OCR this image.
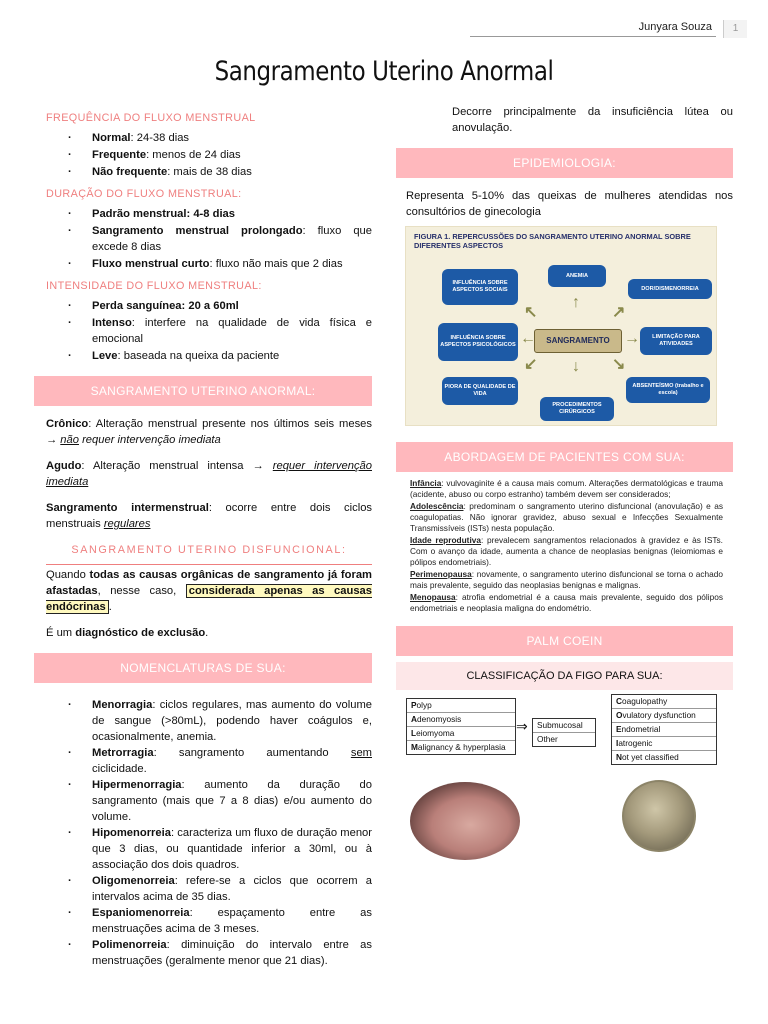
Junyara Souza	1
Sangramento Uterino Anormal
FREQUÊNCIA DO FLUXO MENSTRUAL
· Normal: 24-38 dias
· Frequente: menos de 24 dias
· Não frequente: mais de 38 dias
DURAÇÃO DO FLUXO MENSTRUAL:
· Padrão menstrual: 4-8 dias
· Sangramento menstrual prolongado: fluxo que excede 8 dias
· Fluxo menstrual curto: fluxo não mais que 2 dias
INTENSIDADE DO FLUXO MENSTRUAL:
· Perda sanguínea: 20 a 60ml
· Intenso: interfere na qualidade de vida física e emocional
· Leve: baseada na queixa da paciente
SANGRAMENTO UTERINO ANORMAL:

Crônico: Alteração menstrual presente nos últimos seis meses → não requer intervenção imediata

Agudo: Alteração menstrual intensa → requer intervenção imediata

Sangramento intermenstrual: ocorre entre dois ciclos menstruais regulares

SANGRAMENTO UTERINO DISFUNCIONAL:

Quando todas as causas orgânicas de sangramento já foram afastadas, nesse caso, considerada apenas as causas endócrinas .

É um diagnóstico de exclusão.

NOMENCLATURAS DE SUA:
· Menorragia: ciclos regulares, mas aumento do volume de sangue (>80mL), podendo haver coágulos e, ocasionalmente, anemia.
· Metrorragia: sangramento aumentando sem ciclicidade.
· Hipermenorragia: aumento da duração do sangramento (mais que 7 a 8 dias) e/ou aumento do volume.
· Hipomenorreia: caracteriza um fluxo de duração menor que 3 dias, ou quantidade inferior a 30ml, ou à associação dos dois quadros.
· Oligomenorreia: refere-se a ciclos que ocorrem a intervalos acima de 35 dias.
· Espaniomenorreia: espaçamento entre as menstruações acima de 3 meses.
· Polimenorreia: diminuição do intervalo entre as menstruações (geralmente menor que 21 dias).

Decorre principalmente da insuficiência lútea ou anovulação.

EPIDEMIOLOGIA:

Representa 5-10% das queixas de mulheres atendidas nos consultórios de ginecologia

FIGURA 1. REPERCUSSÕES DO SANGRAMENTO UTERINO ANORMAL SOBRE DIFERENTES ASPECTOS
INFLUÊNCIA SOBRE ASPECTOS SOCIAIS
ANEMIA
DOR/DISMENORREIA
INFLUÊNCIA SOBRE ASPECTOS PSICOLÓGICOS	SANGRAMENTO	LIMITAÇÃO PARA ATIVIDADES
PIORA DE QUALIDADE DE VIDA
PROCEDIMENTOS CIRÚRGICOS
ABSENTEÍSMO (trabalho e escola)
↑
↓
←	→
↖	↗
↙	↘
ABORDAGEM DE PACIENTES COM SUA:

Infância: vulvovaginite é a causa mais comum. Alterações dermatológicas e trauma (acidente, abuso ou corpo estranho) também devem ser considerados;

Adolescência: predominam o sangramento uterino disfuncional (anovulação) e as coagulopatias. Não ignorar gravidez, abuso sexual e Infecções Sexualmente Transmissíveis (ISTs) nesta população.

Idade reprodutiva: prevalecem sangramentos relacionados à gravidez e às ISTs. Com o avanço da idade, aumenta a chance de neoplasias benignas (leiomiomas e pólipos endometriais).

Perimenopausa: novamente, o sangramento uterino disfuncional se torna o achado mais prevalente, seguido das neoplasias benignas e malignas.

Menopausa: atrofia endometrial é a causa mais prevalente, seguido dos pólipos endometriais e neoplasia maligna do endométrio.

PALM COEIN
CLASSIFICAÇÃO DA FIGO PARA SUA:
Polyp
Adenomyosis
Leiomyoma
Malignancy & hyperplasia
⇒	Submucosal
Other
Coagulopathy
Ovulatory dysfunction
Endometrial
Iatrogenic
Not yet classified
